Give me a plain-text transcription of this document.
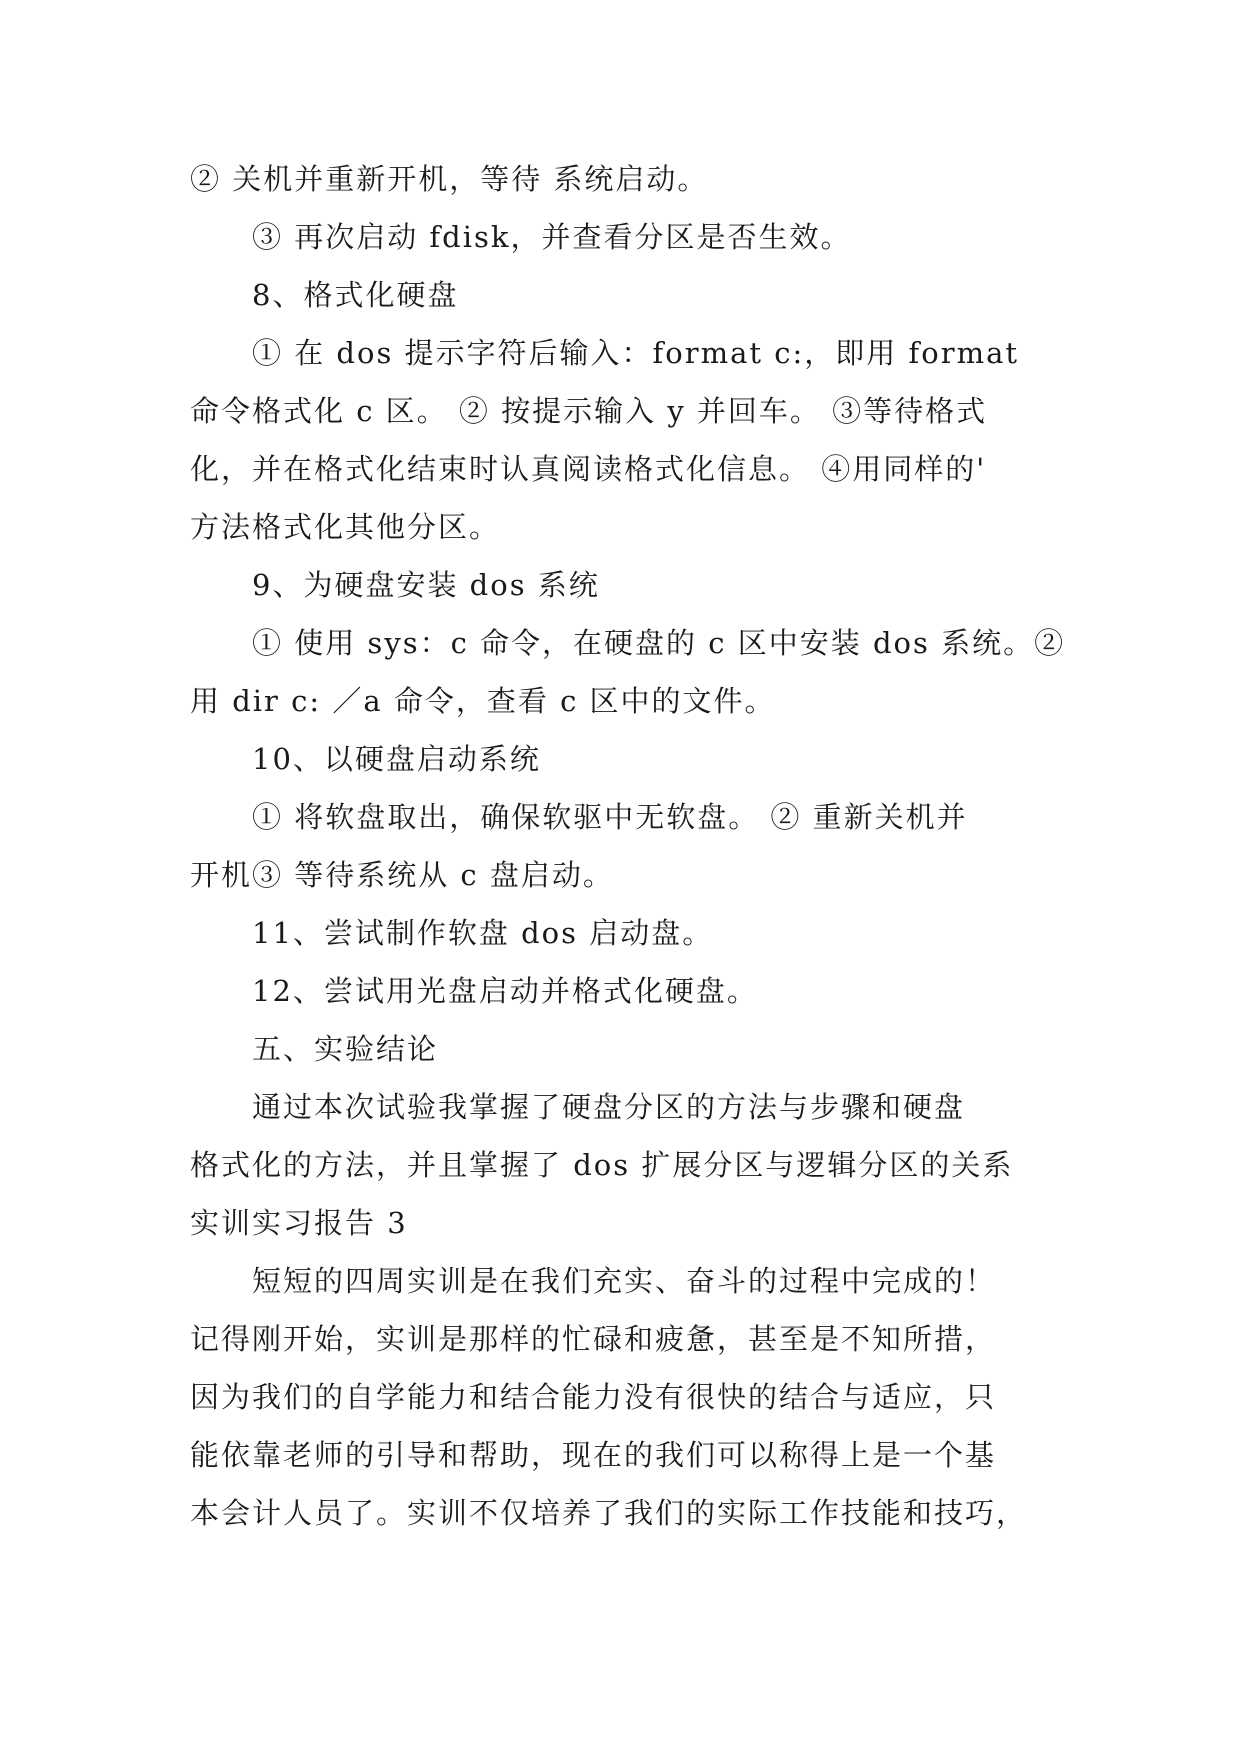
② 关机并重新开机，等待 系统启动。

③ 再次启动 fdisk，并查看分区是否生效。

8、格式化硬盘

① 在 dos 提示字符后输入：format c:，即用 format

命令格式化 c 区。 ② 按提示输入 y 并回车。 ③等待格式

化，并在格式化结束时认真阅读格式化信息。 ④用同样的'

方法格式化其他分区。

9、为硬盘安装 dos 系统

① 使用 sys：c 命令，在硬盘的 c 区中安装 dos 系统。②

用 dir c: ／a 命令，查看 c 区中的文件。

10、以硬盘启动系统

① 将软盘取出，确保软驱中无软盘。 ② 重新关机并

开机③ 等待系统从 c 盘启动。

11、尝试制作软盘 dos 启动盘。

12、尝试用光盘启动并格式化硬盘。

五、实验结论

通过本次试验我掌握了硬盘分区的方法与步骤和硬盘

格式化的方法，并且掌握了 dos 扩展分区与逻辑分区的关系

实训实习报告 3

短短的四周实训是在我们充实、奋斗的过程中完成的！

记得刚开始，实训是那样的忙碌和疲惫，甚至是不知所措，

因为我们的自学能力和结合能力没有很快的结合与适应，只

能依靠老师的引导和帮助，现在的我们可以称得上是一个基

本会计人员了。实训不仅培养了我们的实际工作技能和技巧，
